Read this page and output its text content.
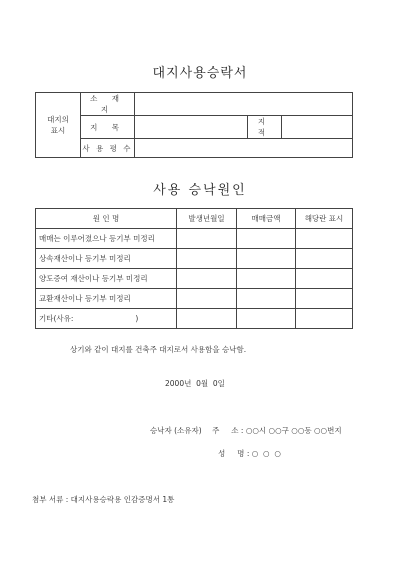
대지사용승락서
대지의
표시	소 재 지			
	지 목		지 적	
	사 용 평 수			
사용 승낙원인
원 인 명	발생년월일	매매금액	해당란 표시
매매는 이루어졌으나 등기부 미정리			
상속재산이나 등기부 미정리			
양도증여 재산이나 등기부 미정리			
교환재산이나 등기부 미정리			
기타(사유:                          )			
상기와 같이 대지를 건축주 대지로서 사용함을 승낙함.
2000년  0월  0일
승낙자 (소유자) 주     소 : ○○시 ○○구 ○○동 ○○번지
성     명 : ○  ○  ○
첨부 서류 : 대지사용승락용 인감증명서 1통
